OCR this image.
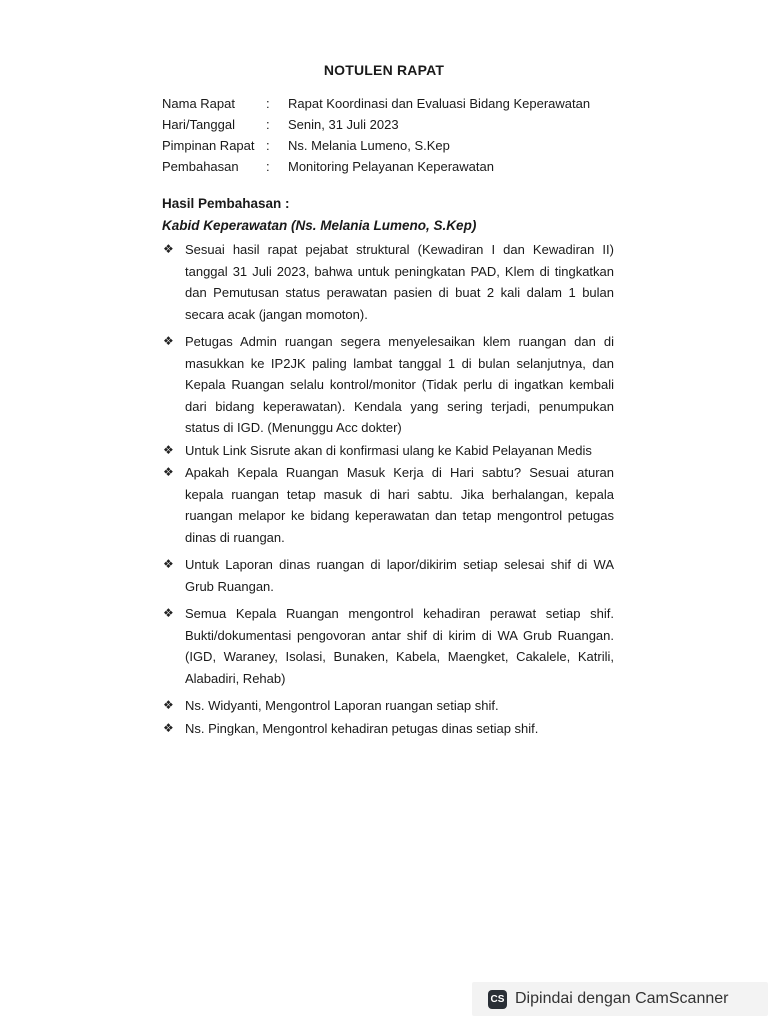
NOTULEN RAPAT
Nama Rapat	:	Rapat Koordinasi dan Evaluasi Bidang Keperawatan
Hari/Tanggal	:	Senin, 31 Juli 2023
Pimpinan Rapat :	Ns. Melania Lumeno, S.Kep
Pembahasan	:	Monitoring Pelayanan Keperawatan
Hasil Pembahasan :
Kabid Keperawatan (Ns. Melania Lumeno, S.Kep)
❖ Sesuai hasil rapat pejabat struktural (Kewadiran I dan Kewadiran II) tanggal 31 Juli 2023, bahwa untuk peningkatan PAD, Klem di tingkatkan dan Pemutusan status perawatan pasien di buat 2 kali dalam 1 bulan secara acak (jangan momoton).
❖ Petugas Admin ruangan segera menyelesaikan klem ruangan dan di masukkan ke IP2JK paling lambat tanggal 1 di bulan selanjutnya, dan Kepala Ruangan selalu kontrol/monitor (Tidak perlu di ingatkan kembali dari bidang keperawatan). Kendala yang sering terjadi, penumpukan status di IGD. (Menunggu Acc dokter)
❖ Untuk Link Sisrute akan di konfirmasi ulang ke Kabid Pelayanan Medis
❖ Apakah Kepala Ruangan Masuk Kerja di Hari sabtu? Sesuai aturan kepala ruangan tetap masuk di hari sabtu. Jika berhalangan, kepala ruangan melapor ke bidang keperawatan dan tetap mengontrol petugas dinas di ruangan.
❖ Untuk Laporan dinas ruangan di lapor/dikirim setiap selesai shif di WA Grub Ruangan.
❖ Semua Kepala Ruangan mengontrol kehadiran perawat setiap shif. Bukti/dokumentasi pengovoran antar shif di kirim di WA Grub Ruangan. (IGD, Waraney, Isolasi, Bunaken, Kabela, Maengket, Cakalele, Katrili, Alabadiri, Rehab)
❖ Ns. Widyanti, Mengontrol Laporan ruangan setiap shif.
❖ Ns. Pingkan, Mengontrol kehadiran petugas dinas setiap shif.
CS Dipindai dengan CamScanner
